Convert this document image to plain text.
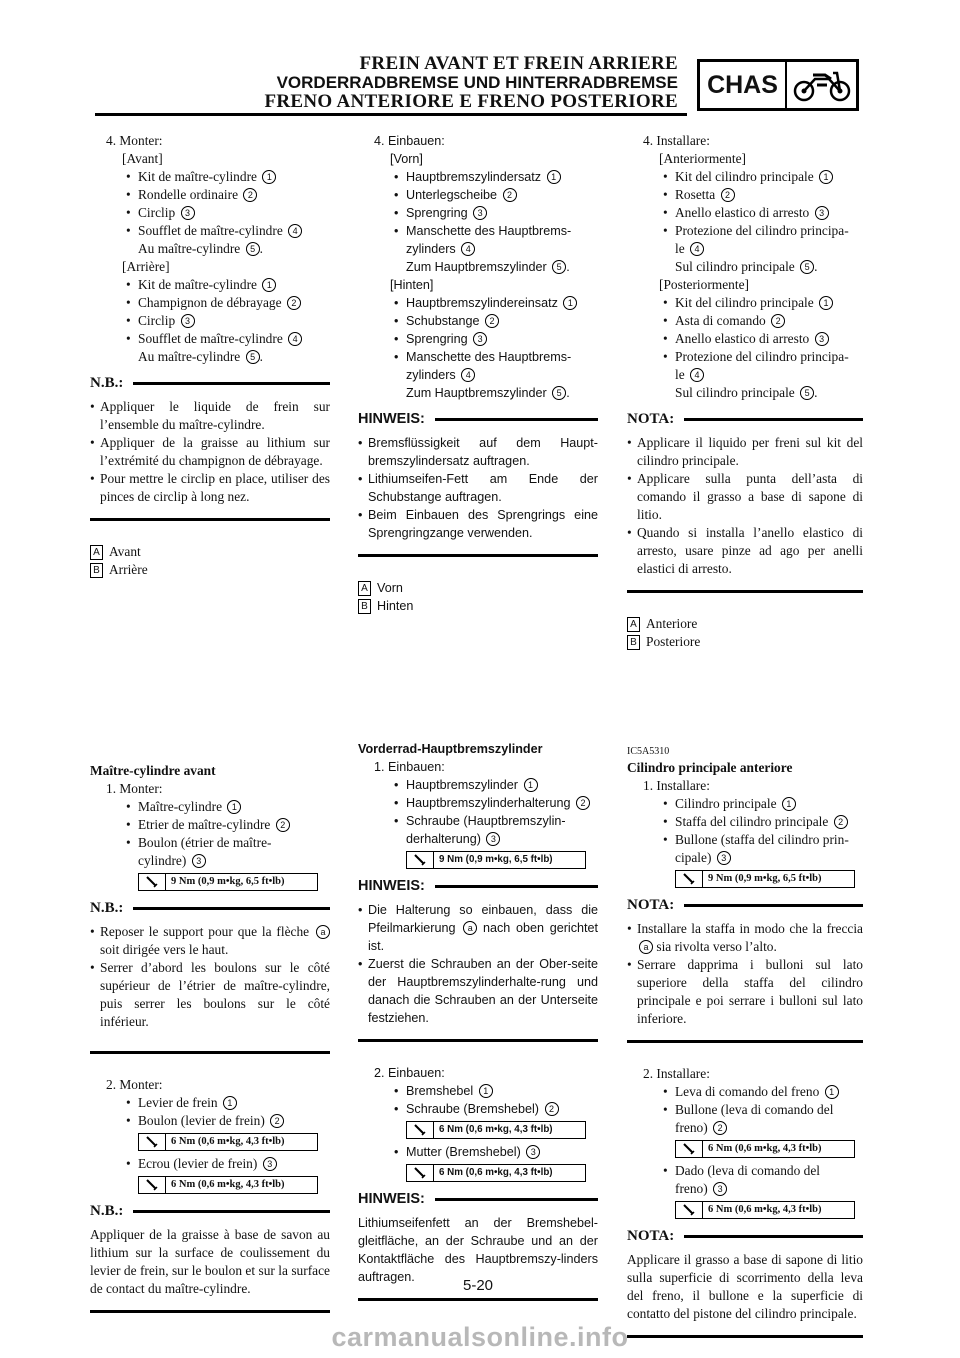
FREIN AVANT ET FREIN ARRIERE
VORDERRADBREMSE UND HINTERRADBREMSE
FRENO ANTERIORE E FRENO POSTERIORE
CHAS
4. Monter:
[Avant]
• Kit de maître-cylindre 1
• Rondelle ordinaire 2
• Circlip 3
• Soufflet de maître-cylindre 4
Au maître-cylindre 5 .
[Arrière]
• Kit de maître-cylindre 1
• Champignon de débrayage 2
• Circlip 3
• Soufflet de maître-cylindre 4
Au maître-cylindre 5 .
N.B.:
• Appliquer le liquide de frein sur l’ensemble du maître-cylindre.
• Appliquer de la graisse au lithium sur l’extrémité du champignon de débrayage.
• Pour mettre le circlip en place, utiliser des pinces de circlip à long nez.
A Avant
B Arrière
4. Einbauen:
[Vorn]
• Hauptbremszylindersatz 1
• Unterlegscheibe 2
• Sprengring 3
• Manschette des Hauptbrems-
zylinders 4
Zum Hauptbremszylinder 5 .
[Hinten]
• Hauptbremszylindereinsatz 1
• Schubstange 2
• Sprengring 3
• Manschette des Hauptbrems-
zylinders 4
Zum Hauptbremszylinder 5 .
HINWEIS:
• Bremsflüssigkeit auf dem Haupt-bremszylindersatz auftragen.
• Lithiumseifen-Fett am Ende der Schubstange auftragen.
• Beim Einbauen des Sprengrings eine Sprengringzange verwenden.
A Vorn
B Hinten
4. Installare:
[Anteriormente]
• Kit del cilindro principale 1
• Rosetta 2
• Anello elastico di arresto 3
• Protezione del cilindro principa-
le 4
Sul cilindro principale 5 .
[Posteriormente]
• Kit del cilindro principale 1
• Asta di comando 2
• Anello elastico di arresto 3
• Protezione del cilindro principa-
le 4
Sul cilindro principale 5 .
NOTA:
• Applicare il liquido per freni sul kit del cilindro principale.
• Applicare sulla punta dell’asta di comando il grasso a base di sapone di litio.
• Quando si installa l’anello elastico di arresto, usare pinze ad ago per anelli elastici di arresto.
A Anteriore
B Posteriore
Maître-cylindre avant
1. Monter:
• Maître-cylindre 1
• Etrier de maître-cylindre 2
• Boulon (étrier de maître-
cylindre) 3
9 Nm (0,9 m•kg, 6,5 ft•lb)
N.B.:
• Reposer le support pour que la flèche a soit dirigée vers le haut.
• Serrer d’abord les boulons sur le côté supérieur de l’étrier de maître-cylindre, puis serrer les boulons sur le côté inférieur.
2. Monter:
• Levier de frein 1
• Boulon (levier de frein) 2
6 Nm (0,6 m•kg, 4,3 ft•lb)
• Ecrou (levier de frein) 3
6 Nm (0,6 m•kg, 4,3 ft•lb)
N.B.:
Appliquer de la graisse à base de savon au lithium sur la surface de coulissement du levier de frein, sur le boulon et sur la surface de contact du maître-cylindre.
Vorderrad-Hauptbremszylinder
1. Einbauen:
• Hauptbremszylinder 1
• Hauptbremszylinderhalterung 2
• Schraube (Hauptbremszylin-
derhalterung) 3
9 Nm (0,9 m•kg, 6,5 ft•lb)
HINWEIS:
• Die Halterung so einbauen, dass die Pfeilmarkierung a nach oben gerichtet ist.
• Zuerst die Schrauben an der Ober-seite der Hauptbremszylinderhalte-rung und danach die Schrauben an der Unterseite festziehen.
2. Einbauen:
• Bremshebel 1
• Schraube (Bremshebel) 2
6 Nm (0,6 m•kg, 4,3 ft•lb)
• Mutter (Bremshebel) 3
6 Nm (0,6 m•kg, 4,3 ft•lb)
HINWEIS:
Lithiumseifenfett an der Bremshebel-gleitfläche, an der Schraube und an der Kontaktfläche des Hauptbremszy-linders auftragen.
IC5A5310
Cilindro principale anteriore
1. Installare:
• Cilindro principale 1
• Staffa del cilindro principale 2
• Bullone (staffa del cilindro prin-
cipale) 3
9 Nm (0,9 m•kg, 6,5 ft•lb)
NOTA:
• Installare la staffa in modo che la freccia a sia rivolta verso l’alto.
• Serrare dapprima i bulloni sul lato superiore della staffa del cilindro principale e poi serrare i bulloni sul lato inferiore.
2. Installare:
• Leva di comando del freno 1
• Bullone (leva di comando del
freno) 2
6 Nm (0,6 m•kg, 4,3 ft•lb)
• Dado (leva di comando del
freno) 3
6 Nm (0,6 m•kg, 4,3 ft•lb)
NOTA:
Applicare il grasso a base di sapone di litio sulla superficie di scorrimento della leva del freno, il bullone e la superficie di contatto del pistone del cilindro principale.
5-20
carmanualsonline.info
